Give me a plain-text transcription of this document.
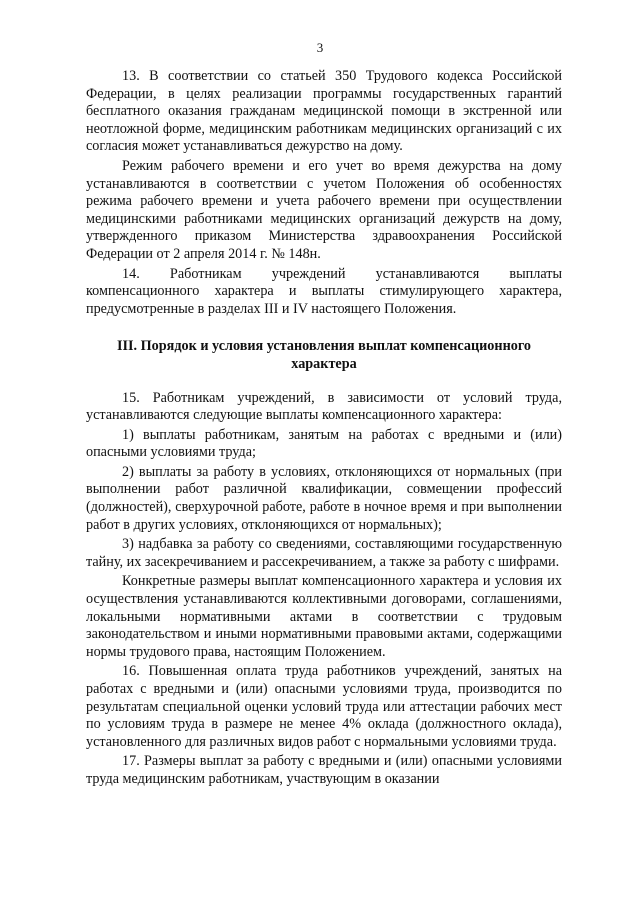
3

13. В соответствии со статьей 350 Трудового кодекса Российской Федерации, в целях реализации программы государственных гарантий бесплатного оказания гражданам медицинской помощи в экстренной или неотложной форме, медицинским работникам медицинских организаций с их согласия может устанавливаться дежурство на дому.

Режим рабочего времени и его учет во время дежурства на дому устанавливаются в соответствии с учетом Положения об особенностях режима рабочего времени и учета рабочего времени при осуществлении медицинскими работниками медицинских организаций дежурств на дому, утвержденного приказом Министерства здравоохранения Российской Федерации от 2 апреля 2014 г. № 148н.

14. Работникам учреждений устанавливаются выплаты компенсационного характера и выплаты стимулирующего характера, предусмотренные в разделах III и IV настоящего Положения.

III. Порядок и условия установления выплат компенсационного характера

15. Работникам учреждений, в зависимости от условий труда, устанавливаются следующие выплаты компенсационного характера:

1) выплаты работникам, занятым на работах с вредными и (или) опасными условиями труда;

2) выплаты за работу в условиях, отклоняющихся от нормальных (при выполнении работ различной квалификации, совмещении профессий (должностей), сверхурочной работе, работе в ночное время и при выполнении работ в других условиях, отклоняющихся от нормальных);

3) надбавка за работу со сведениями, составляющими государственную тайну, их засекречиванием и рассекречиванием, а также за работу с шифрами.

Конкретные размеры выплат компенсационного характера и условия их осуществления устанавливаются коллективными договорами, соглашениями, локальными нормативными актами в соответствии с трудовым законодательством и иными нормативными правовыми актами, содержащими нормы трудового права, настоящим Положением.

16. Повышенная оплата труда работников учреждений, занятых на работах с вредными и (или) опасными условиями труда, производится по результатам специальной оценки условий труда или аттестации рабочих мест по условиям труда в размере не менее 4% оклада (должностного оклада), установленного для различных видов работ с нормальными условиями труда.

17. Размеры выплат за работу с вредными и (или) опасными условиями труда медицинским работникам, участвующим в оказании
